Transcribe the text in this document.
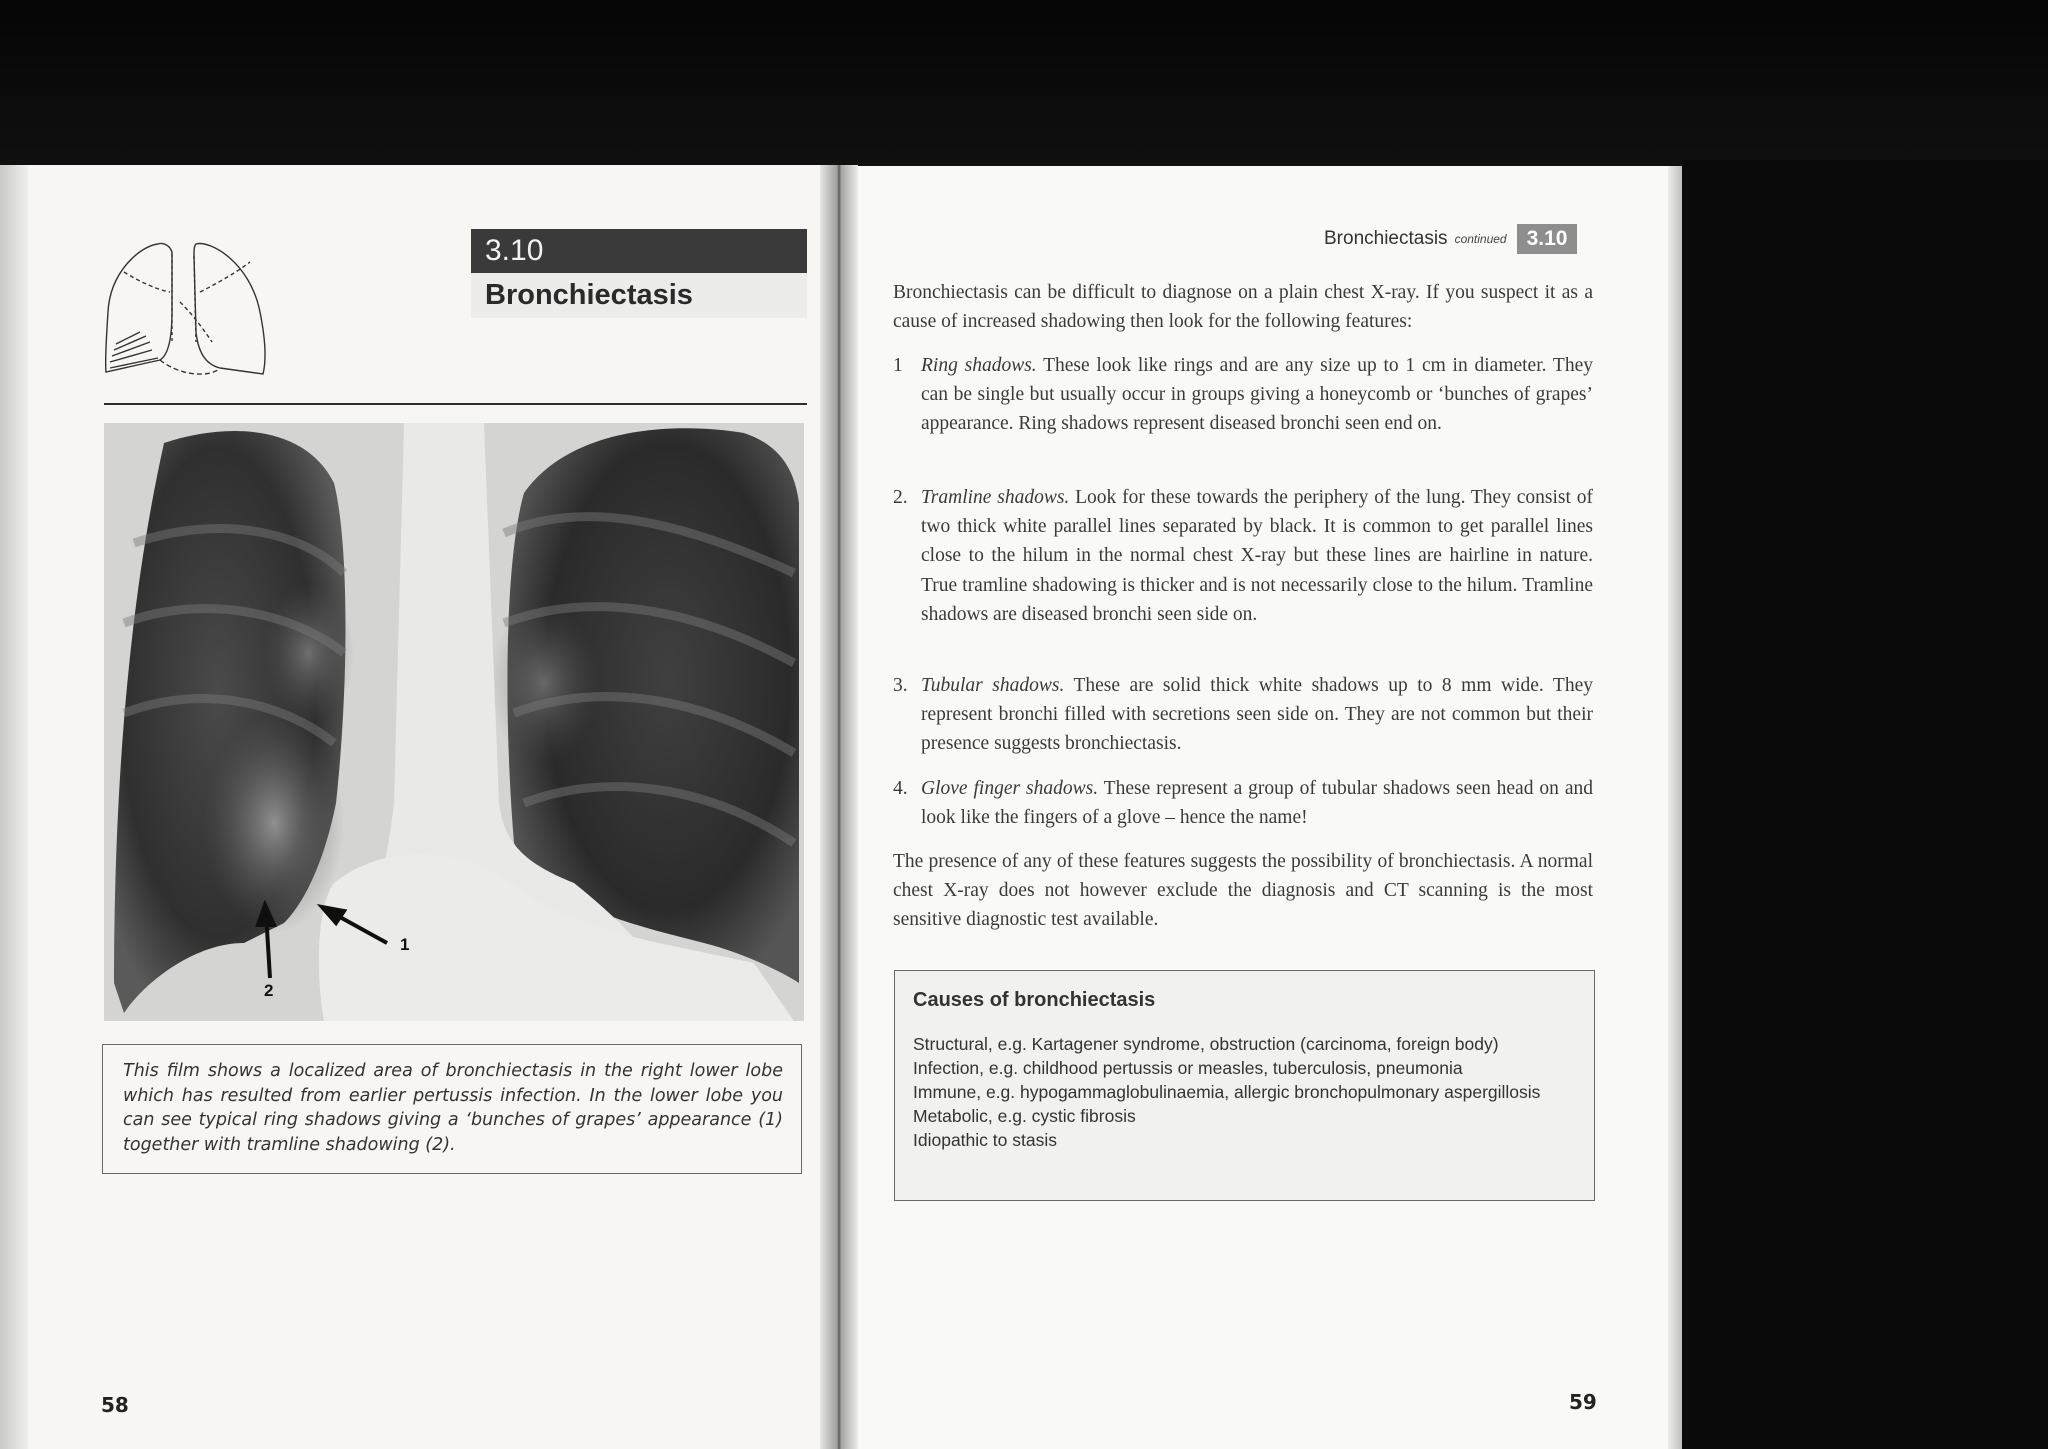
3.10
Bronchiectasis
1
2

This film shows a localized area of bronchiectasis in the right lower lobe which has resulted from earlier pertussis infection. In the lower lobe you can see typical ring shadows giving a ‘bunches of grapes’ appearance (1) together with tramline shadowing (2).

58
Bronchiectasis continued 3.10
Bronchiectasis can be difficult to diagnose on a plain chest X-ray. If you suspect it as a cause of increased shadowing then look for the following features:
1 Ring shadows. These look like rings and are any size up to 1 cm in diameter. They can be single but usually occur in groups giving a honeycomb or ‘bunches of grapes’ appearance. Ring shadows represent diseased bronchi seen end on.
2. Tramline shadows. Look for these towards the periphery of the lung. They consist of two thick white parallel lines separated by black. It is common to get parallel lines close to the hilum in the normal chest X-ray but these lines are hairline in nature. True tramline shadowing is thicker and is not necessarily close to the hilum. Tramline shadows are diseased bronchi seen side on.
3. Tubular shadows. These are solid thick white shadows up to 8 mm wide. They represent bronchi filled with secretions seen side on. They are not common but their presence suggests bronchiectasis.
4. Glove finger shadows. These represent a group of tubular shadows seen head on and look like the fingers of a glove – hence the name!
The presence of any of these features suggests the possibility of bronchiectasis. A normal chest X-ray does not however exclude the diagnosis and CT scanning is the most sensitive diagnostic test available.
Causes of bronchiectasis
Structural, e.g. Kartagener syndrome, obstruction (carcinoma, foreign body)
Infection, e.g. childhood pertussis or measles, tuberculosis, pneumonia
Immune, e.g. hypogammaglobulinaemia, allergic bronchopulmonary aspergillosis
Metabolic, e.g. cystic fibrosis
Idiopathic to stasis
59
